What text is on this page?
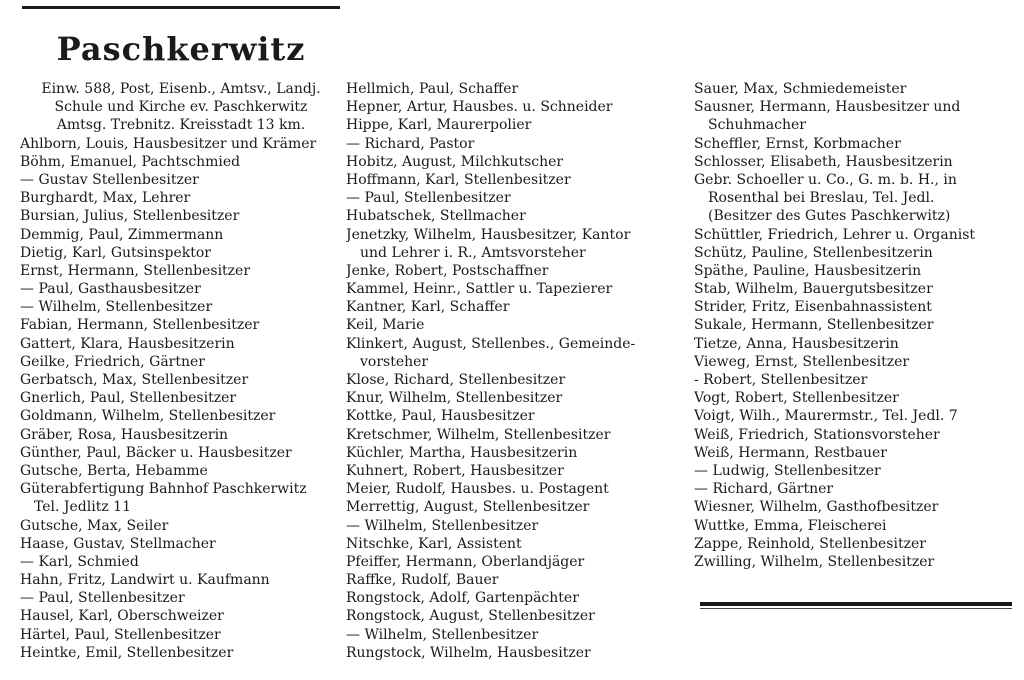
Paschkerwitz
Einw. 588, Post, Eisenb., Amtsv., Landj.
Schule und Kirche ev. Paschkerwitz
Amtsg. Trebnitz. Kreisstadt 13 km.
Ahlborn, Louis, Hausbesitzer und Krämer
Böhm, Emanuel, Pachtschmied
— Gustav Stellenbesitzer
Burghardt, Max, Lehrer
Bursian, Julius, Stellenbesitzer
Demmig, Paul, Zimmermann
Dietig, Karl, Gutsinspektor
Ernst, Hermann, Stellenbesitzer
— Paul, Gasthausbesitzer
— Wilhelm, Stellenbesitzer
Fabian, Hermann, Stellenbesitzer
Gattert, Klara, Hausbesitzerin
Geilke, Friedrich, Gärtner
Gerbatsch, Max, Stellenbesitzer
Gnerlich, Paul, Stellenbesitzer
Goldmann, Wilhelm, Stellenbesitzer
Gräber, Rosa, Hausbesitzerin
Günther, Paul, Bäcker u. Hausbesitzer
Gutsche, Berta, Hebamme
Güterabfertigung Bahnhof Paschkerwitz
Tel. Jedlitz 11
Gutsche, Max, Seiler
Haase, Gustav, Stellmacher
— Karl, Schmied
Hahn, Fritz, Landwirt u. Kaufmann
— Paul, Stellenbesitzer
Hausel, Karl, Oberschweizer
Härtel, Paul, Stellenbesitzer
Heintke, Emil, Stellenbesitzer
Hellmich, Paul, Schaffer
Hepner, Artur, Hausbes. u. Schneider
Hippe, Karl, Maurerpolier
— Richard, Pastor
Hobitz, August, Milchkutscher
Hoffmann, Karl, Stellenbesitzer
— Paul, Stellenbesitzer
Hubatschek, Stellmacher
Jenetzky, Wilhelm, Hausbesitzer, Kantor
und Lehrer i. R., Amtsvorsteher
Jenke, Robert, Postschaffner
Kammel, Heinr., Sattler u. Tapezierer
Kantner, Karl, Schaffer
Keil, Marie
Klinkert, August, Stellenbes., Gemeinde-
vorsteher
Klose, Richard, Stellenbesitzer
Knur, Wilhelm, Stellenbesitzer
Kottke, Paul, Hausbesitzer
Kretschmer, Wilhelm, Stellenbesitzer
Küchler, Martha, Hausbesitzerin
Kuhnert, Robert, Hausbesitzer
Meier, Rudolf, Hausbes. u. Postagent
Merrettig, August, Stellenbesitzer
— Wilhelm, Stellenbesitzer
Nitschke, Karl, Assistent
Pfeiffer, Hermann, Oberlandjäger
Raffke, Rudolf, Bauer
Rongstock, Adolf, Gartenpächter
Rongstock, August, Stellenbesitzer
— Wilhelm, Stellenbesitzer
Rungstock, Wilhelm, Hausbesitzer
Sauer, Max, Schmiedemeister
Sausner, Hermann, Hausbesitzer und
Schuhmacher
Scheffler, Ernst, Korbmacher
Schlosser, Elisabeth, Hausbesitzerin
Gebr. Schoeller u. Co., G. m. b. H., in
Rosenthal bei Breslau, Tel. Jedl.
(Besitzer des Gutes Paschkerwitz)
Schüttler, Friedrich, Lehrer u. Organist
Schütz, Pauline, Stellenbesitzerin
Späthe, Pauline, Hausbesitzerin
Stab, Wilhelm, Bauergutsbesitzer
Strider, Fritz, Eisenbahnassistent
Sukale, Hermann, Stellenbesitzer
Tietze, Anna, Hausbesitzerin
Vieweg, Ernst, Stellenbesitzer
- Robert, Stellenbesitzer
Vogt, Robert, Stellenbesitzer
Voigt, Wilh., Maurermstr., Tel. Jedl. 7
Weiß, Friedrich, Stationsvorsteher
Weiß, Hermann, Restbauer
— Ludwig, Stellenbesitzer
— Richard, Gärtner
Wiesner, Wilhelm, Gasthofbesitzer
Wuttke, Emma, Fleischerei
Zappe, Reinhold, Stellenbesitzer
Zwilling, Wilhelm, Stellenbesitzer
